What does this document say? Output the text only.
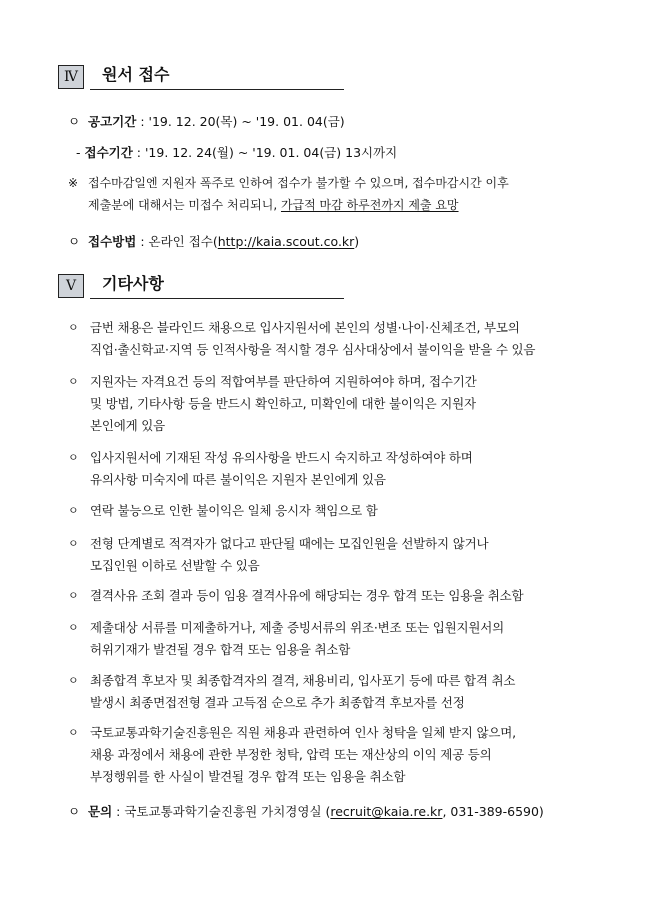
Ⅳ	원서 접수
ㅇ 공고기간 : '19. 12. 20(목) ~ '19. 01. 04(금)
- 접수기간 : '19. 12. 24(월) ~ '19. 01. 04(금) 13시까지
※ 접수마감일엔 지원자 폭주로 인하여 접수가 불가할 수 있으며, 접수마감시간 이후
제출분에 대해서는 미접수 처리되니, 가급적 마감 하루전까지 제출 요망
ㅇ 접수방법 : 온라인 접수(http://kaia.scout.co.kr)
Ⅴ	기타사항
ㅇ 금번 채용은 블라인드 채용으로 입사지원서에 본인의 성별·나이·신체조건, 부모의
직업·출신학교·지역 등 인적사항을 적시할 경우 심사대상에서 불이익을 받을 수 있음
ㅇ 지원자는 자격요건 등의 적합여부를 판단하여 지원하여야 하며, 접수기간
및 방법, 기타사항 등을 반드시 확인하고, 미확인에 대한 불이익은 지원자
본인에게 있음
ㅇ 입사지원서에 기재된 작성 유의사항을 반드시 숙지하고 작성하여야 하며
유의사항 미숙지에 따른 불이익은 지원자 본인에게 있음
ㅇ 연락 불능으로 인한 불이익은 일체 응시자 책임으로 함
ㅇ 전형 단계별로 적격자가 없다고 판단될 때에는 모집인원을 선발하지 않거나
모집인원 이하로 선발할 수 있음
ㅇ 결격사유 조회 결과 등이 임용 결격사유에 해당되는 경우 합격 또는 임용을 취소함
ㅇ 제출대상 서류를 미제출하거나, 제출 증빙서류의 위조·변조 또는 입원지원서의
허위기재가 발견될 경우 합격 또는 임용을 취소함
ㅇ 최종합격 후보자 및 최종합격자의 결격, 채용비리, 입사포기 등에 따른 합격 취소
발생시 최종면접전형 결과 고득점 순으로 추가 최종합격 후보자를 선정
ㅇ 국토교통과학기술진흥원은 직원 채용과 관련하여 인사 청탁을 일체 받지 않으며,
채용 과정에서 채용에 관한 부정한 청탁, 압력 또는 재산상의 이익 제공 등의
부정행위를 한 사실이 발견될 경우 합격 또는 임용을 취소함
ㅇ 문의 : 국토교통과학기술진흥원 가치경영실 (recruit@kaia.re.kr, 031-389-6590)
